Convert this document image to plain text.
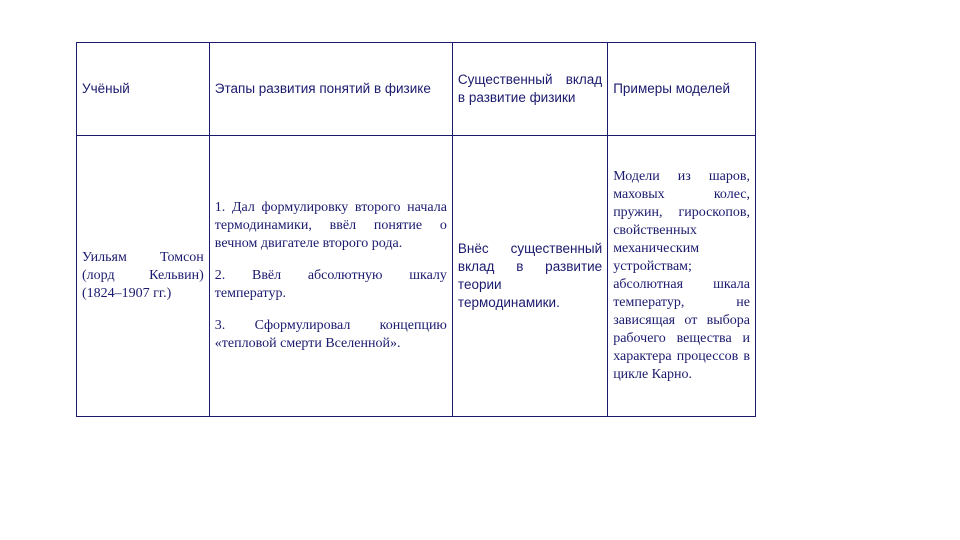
Учёный	Этапы развития понятий в физике	Существенный вклад в развитие физики	Примеры моделей
Уильям Томсон (лорд Кельвин) (1824–1907 гг.)	1. Дал формулировку второго начала термодинамики, ввёл понятие о вечном двигателе второго рода.

2. Ввёл абсолютную шкалу температур.

3. Сформулировал концепцию «тепловой смерти Вселенной».	Внёс существенный вклад в развитие теории термодинамики.	Модели из шаров, маховых колес, пружин, гироскопов, свойственных механическим устройствам; абсолютная шкала температур, не зависящая от выбора рабочего вещества и характера процессов в цикле Карно.
